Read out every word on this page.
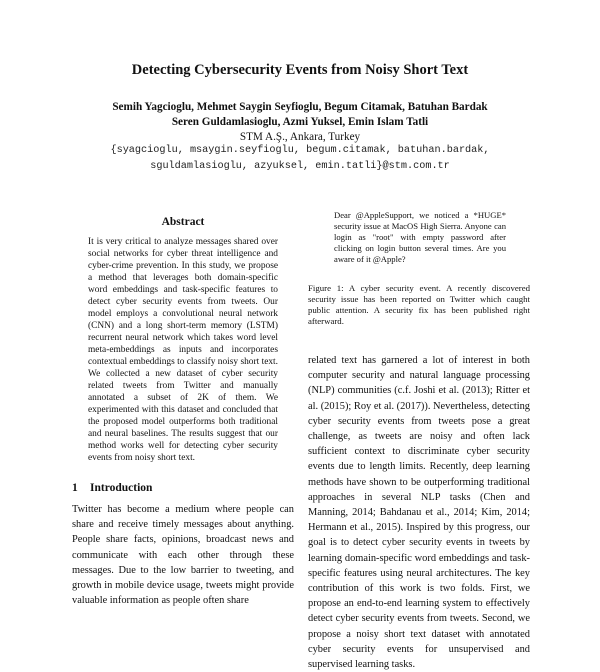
Detecting Cybersecurity Events from Noisy Short Text
Semih Yagcioglu, Mehmet Saygin Seyfioglu, Begum Citamak, Batuhan Bardak
Seren Guldamlasioglu, Azmi Yuksel, Emin Islam Tatli
STM A.Ş., Ankara, Turkey
{syagcioglu, msaygin.seyfioglu, begum.citamak, batuhan.bardak,
sguldamlasioglu, azyuksel, emin.tatli}@stm.com.tr
Abstract

It is very critical to analyze messages shared over social networks for cyber threat intelligence and cyber-crime prevention. In this study, we propose a method that leverages both domain-specific word embeddings and task-specific features to detect cyber security events from tweets. Our model employs a convolutional neural network (CNN) and a long short-term memory (LSTM) recurrent neural network which takes word level meta-embeddings as inputs and incorporates contextual embeddings to classify noisy short text. We collected a new dataset of cyber security related tweets from Twitter and manually annotated a subset of 2K of them. We experimented with this dataset and concluded that the proposed model outperforms both traditional and neural baselines. The results suggest that our method works well for detecting cyber security events from noisy short text.

1 Introduction

Twitter has become a medium where people can share and receive timely messages about anything. People share facts, opinions, broadcast news and communicate with each other through these messages. Due to the low barrier to tweeting, and growth in mobile device usage, tweets might provide valuable information as people often share

Dear @AppleSupport, we noticed a *HUGE* security issue at MacOS High Sierra. Anyone can login as "root" with empty password after clicking on login button several times. Are you aware of it @Apple?

Figure 1: A cyber security event. A recently discovered security issue has been reported on Twitter which caught public attention. A security fix has been published right afterward.

related text has garnered a lot of interest in both computer security and natural language processing (NLP) communities (c.f. Joshi et al. (2013); Ritter et al. (2015); Roy et al. (2017)). Nevertheless, detecting cyber security events from tweets pose a great challenge, as tweets are noisy and often lack sufficient context to discriminate cyber security events due to length limits. Recently, deep learning methods have shown to be outperforming traditional approaches in several NLP tasks (Chen and Manning, 2014; Bahdanau et al., 2014; Kim, 2014; Hermann et al., 2015). Inspired by this progress, our goal is to detect cyber security events in tweets by learning domain-specific word embeddings and task-specific features using neural architectures. The key contribution of this work is two folds. First, we propose an end-to-end learning system to effectively detect cyber security events from tweets. Second, we propose a noisy short text dataset with annotated cyber security events for unsupervised and supervised learning tasks.
